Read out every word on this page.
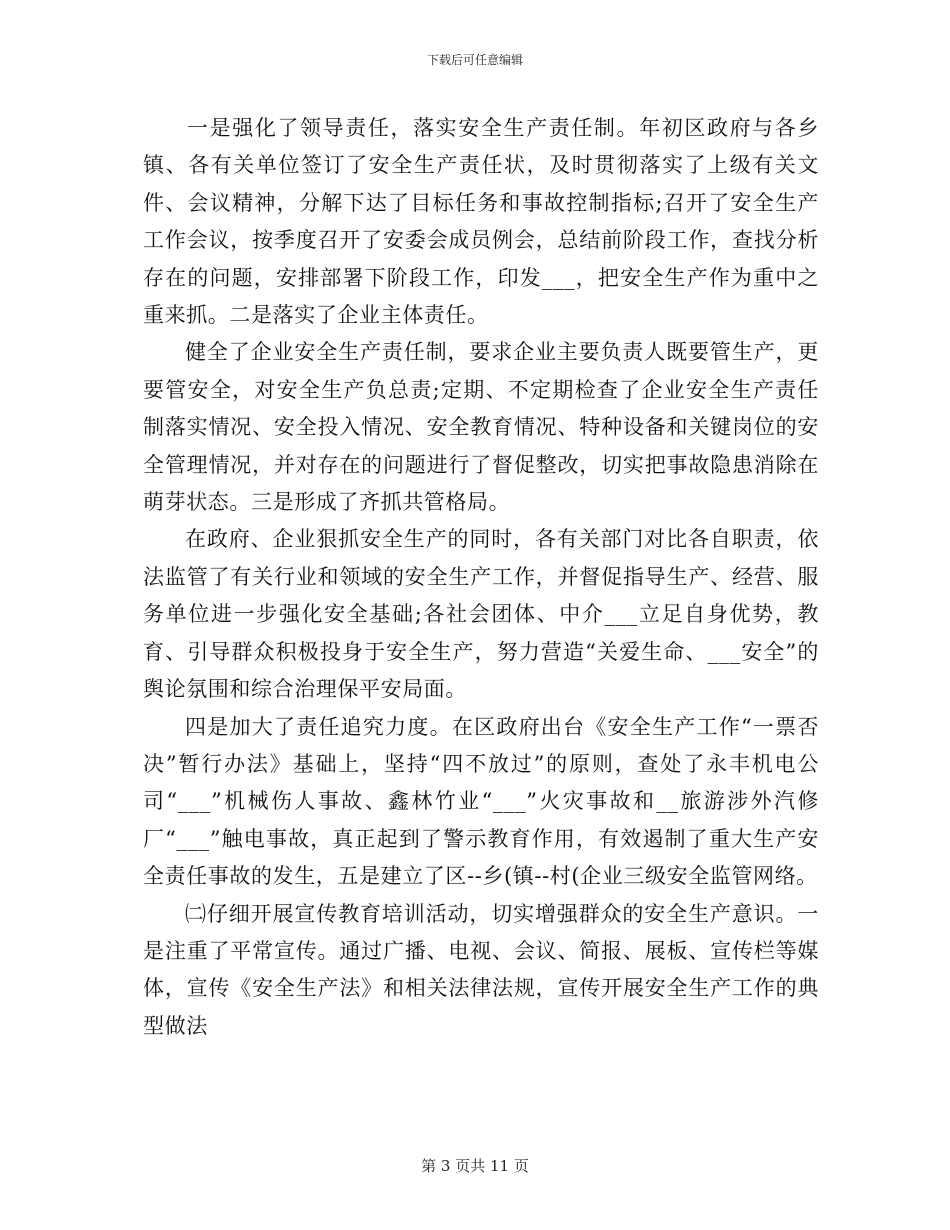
下载后可任意编辑

一是强化了领导责任，落实安全生产责任制。年初区政府与各乡镇、各有关单位签订了安全生产责任状，及时贯彻落实了上级有关文件、会议精神，分解下达了目标任务和事故控制指标;召开了安全生产工作会议，按季度召开了安委会成员例会，总结前阶段工作，查找分析存在的问题，安排部署下阶段工作，印发___，把安全生产作为重中之重来抓。二是落实了企业主体责任。

健全了企业安全生产责任制，要求企业主要负责人既要管生产，更要管安全，对安全生产负总责;定期、不定期检查了企业安全生产责任制落实情况、安全投入情况、安全教育情况、特种设备和关键岗位的安全管理情况，并对存在的问题进行了督促整改，切实把事故隐患消除在萌芽状态。三是形成了齐抓共管格局。

在政府、企业狠抓安全生产的同时，各有关部门对比各自职责，依法监管了有关行业和领域的安全生产工作，并督促指导生产、经营、服务单位进一步强化安全基础;各社会团体、中介___立足自身优势，教育、引导群众积极投身于安全生产，努力营造“关爱生命、___安全”的舆论氛围和综合治理保平安局面。

四是加大了责任追究力度。在区政府出台《安全生产工作“一票否决”暂行办法》基础上，坚持“四不放过”的原则，查处了永丰机电公司“___”机械伤人事故、鑫林竹业“___”火灾事故和__旅游涉外汽修厂“___”触电事故，真正起到了警示教育作用，有效遏制了重大生产安全责任事故的发生，五是建立了区--乡(镇--村(企业三级安全监管网络。

㈡仔细开展宣传教育培训活动，切实增强群众的安全生产意识。一是注重了平常宣传。通过广播、电视、会议、简报、展板、宣传栏等媒体，宣传《安全生产法》和相关法律法规，宣传开展安全生产工作的典型做法

第 3 页共 11 页
